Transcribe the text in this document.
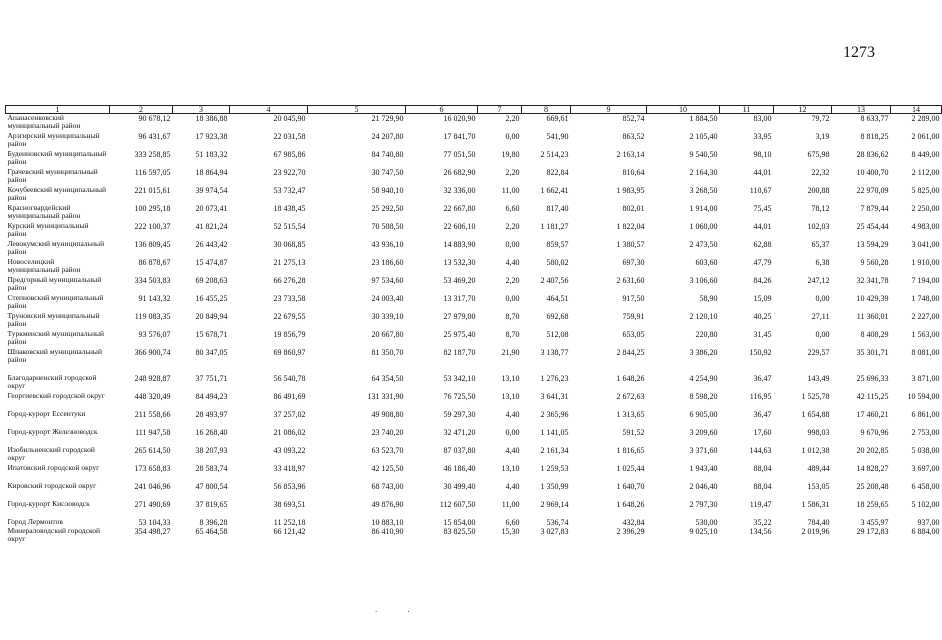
1273
1	2	3	4	5	6	7	8	9	10	11	12	13	14
Апанасенковский муниципальный район	90 678,12	18 386,88	20 045,90	21 729,90	16 020,90	2,20	669,61	852,74	1 884,50	83,00	79,72	8 633,77	2 289,00
Арзгирский муниципальный район	96 431,67	17 923,38	22 031,58	24 207,80	17 841,70	0,00	541,90	863,52	2 105,40	33,95	3,19	8 818,25	2 061,00
Буденновский муниципальный район	333 258,85	51 183,32	67 985,86	84 740,80	77 051,50	19,80	2 514,23	2 163,14	9 540,50	98,10	675,98	28 836,62	8 449,00
Грачевский муниципальный район	116 597,05	18 864,94	23 922,70	30 747,50	26 682,90	2,20	822,84	810,64	2 164,30	44,01	22,32	10 400,70	2 112,00
Кочубеевский муниципальный район	221 015,61	39 974,54	53 732,47	58 940,10	32 336,00	11,00	1 662,41	1 983,95	3 268,50	110,67	200,88	22 970,09	5 825,00
Красногвардейский муниципальный район	100 295,18	20 073,41	18 438,45	25 292,50	22 667,80	6,60	817,40	802,01	1 914,00	75,45	78,12	7 879,44	2 250,00
Курский муниципальный район	222 100,37	41 821,24	52 515,54	70 508,50	22 606,10	2,20	1 181,27	1 822,04	1 060,00	44,01	102,03	25 454,44	4 983,00
Левокумский муниципальный район	136 809,45	26 443,42	30 068,85	43 936,10	14 883,90	0,00	859,57	1 380,57	2 473,50	62,88	65,37	13 594,29	3 041,00
Новоселицкий муниципальный район	86 878,67	15 474,87	21 275,13	23 186,60	13 532,30	4,40	580,02	697,30	603,60	47,79	6,38	9 560,28	1 910,00
Предгорный муниципальный район	334 503,83	69 208,63	66 276,28	97 534,60	53 469,20	2,20	2 407,56	2 631,60	3 106,60	84,26	247,12	32 341,78	7 194,00
Степновский муниципальный район	91 143,32	16 455,25	23 733,58	24 003,40	13 317,70	0,00	464,51	917,50	58,90	15,09	0,00	10 429,39	1 748,00
Труновский муниципальный район	119 083,35	20 849,94	22 679,55	30 339,10	27 979,00	8,70	692,68	759,91	2 120,10	40,25	27,11	11 360,01	2 227,00
Туркменский муниципальный район	93 576,07	15 678,71	19 856,79	20 667,80	25 975,40	8,70	512,08	653,05	220,80	31,45	0,00	8 408,29	1 563,00
Шпаковский муниципальный район	366 900,74	80 347,05	69 860,97	81 350,70	82 187,70	21,90	3 138,77	2 844,25	3 386,20	150,92	229,57	35 301,71	8 081,00

Благодарненский городской округ	248 928,87	37 751,71	56 540,78	64 354,50	53 342,10	13,10	1 276,23	1 648,26	4 254,90	36,47	143,49	25 696,33	3 871,00
Георгиевский городской округ	448 320,49	84 494,23	86 491,69	131 331,90	76 725,50	13,10	3 641,31	2 672,63	8 598,20	116,95	1 525,78	42 115,25	10 594,00
Город-курорт Ессентуки	211 558,66	28 493,97	37 257,02	49 908,80	59 297,30	4,40	2 365,96	1 313,65	6 905,00	36,47	1 654,88	17 460,21	6 861,00
Город-курорт Железноводск	111 947,58	16 268,40	21 086,02	23 740,20	32 471,20	0,00	1 141,05	591,52	3 209,60	17,60	998,03	9 670,96	2 753,00
Изобильненский городской округ	265 614,50	38 207,93	43 093,22	63 523,70	87 037,80	4,40	2 161,34	1 816,65	3 371,60	144,63	1 012,38	20 202,85	5 038,00
Ипатовский городской округ	173 658,83	28 583,74	33 418,97	42 125,50	46 186,40	13,10	1 259,53	1 025,44	1 943,40	88,04	489,44	14 828,27	3 697,00
Кировский городской округ	241 046,96	47 800,54	56 853,96	68 743,00	30 499,40	4,40	1 350,99	1 640,70	2 046,40	88,04	153,05	25 208,48	6 458,00
Город-курорт Кисловодск	271 490,69	37 819,65	38 693,51	49 876,90	112 607,50	11,00	2 969,14	1 648,26	2 797,30	119,47	1 586,31	18 259,65	5 102,00
Город Лермонтов	53 104,33	8 396,28	11 252,18	10 883,10	15 854,00	6,60	536,74	432,84	530,00	35,22	784,40	3 455,97	937,00
Минераловодский городской округ	354 498,27	65 464,58	66 121,42	86 410,90	83 825,50	15,30	3 027,83	2 396,29	9 025,10	134,56	2 019,96	29 172,83	6 884,00
. .
